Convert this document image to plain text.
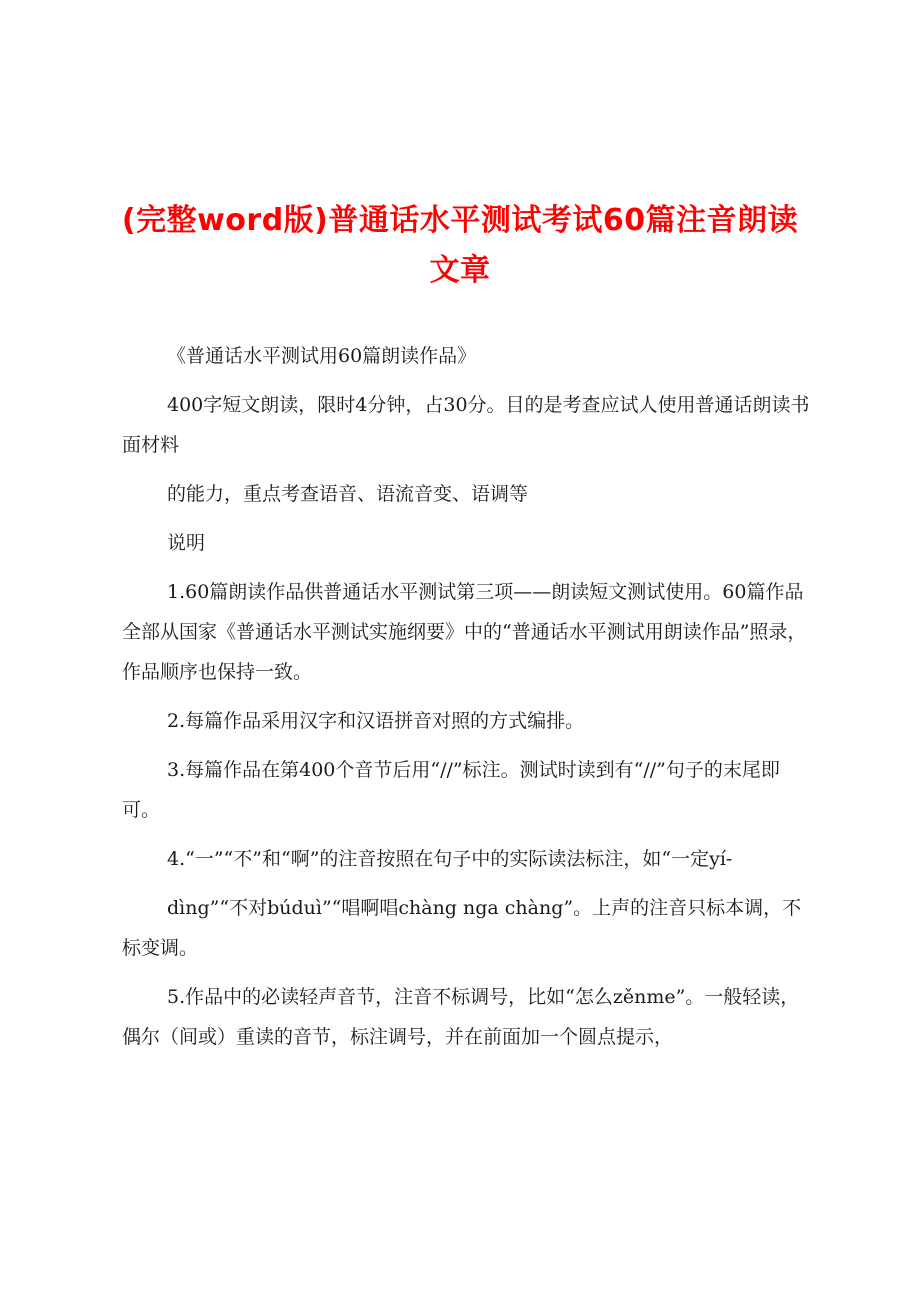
(完整word版)普通话水平测试考试60篇注音朗读文章

《普通话水平测试用60篇朗读作品》

400字短文朗读，限时4分钟，占30分。目的是考查应试人使用普通话朗读书面材料

的能力，重点考查语音、语流音变、语调等

说明

1.60篇朗读作品供普通话水平测试第三项——朗读短文测试使用。60篇作品全部从国家《普通话水平测试实施纲要》中的“普通话水平测试用朗读作品”照录，作品顺序也保持一致。

2.每篇作品采用汉字和汉语拼音对照的方式编排。

3.每篇作品在第400个音节后用“//”标注。测试时读到有“//”句子的末尾即可。

4.“一”“不”和“啊”的注音按照在句子中的实际读法标注，如“一定yí-

dìng”“不对búduì”“唱啊唱chàng nga chàng”。上声的注音只标本调，不标变调。

5.作品中的必读轻声音节，注音不标调号，比如“怎么zěnme”。一般轻读，偶尔（间或）重读的音节，标注调号，并在前面加一个圆点提示，
